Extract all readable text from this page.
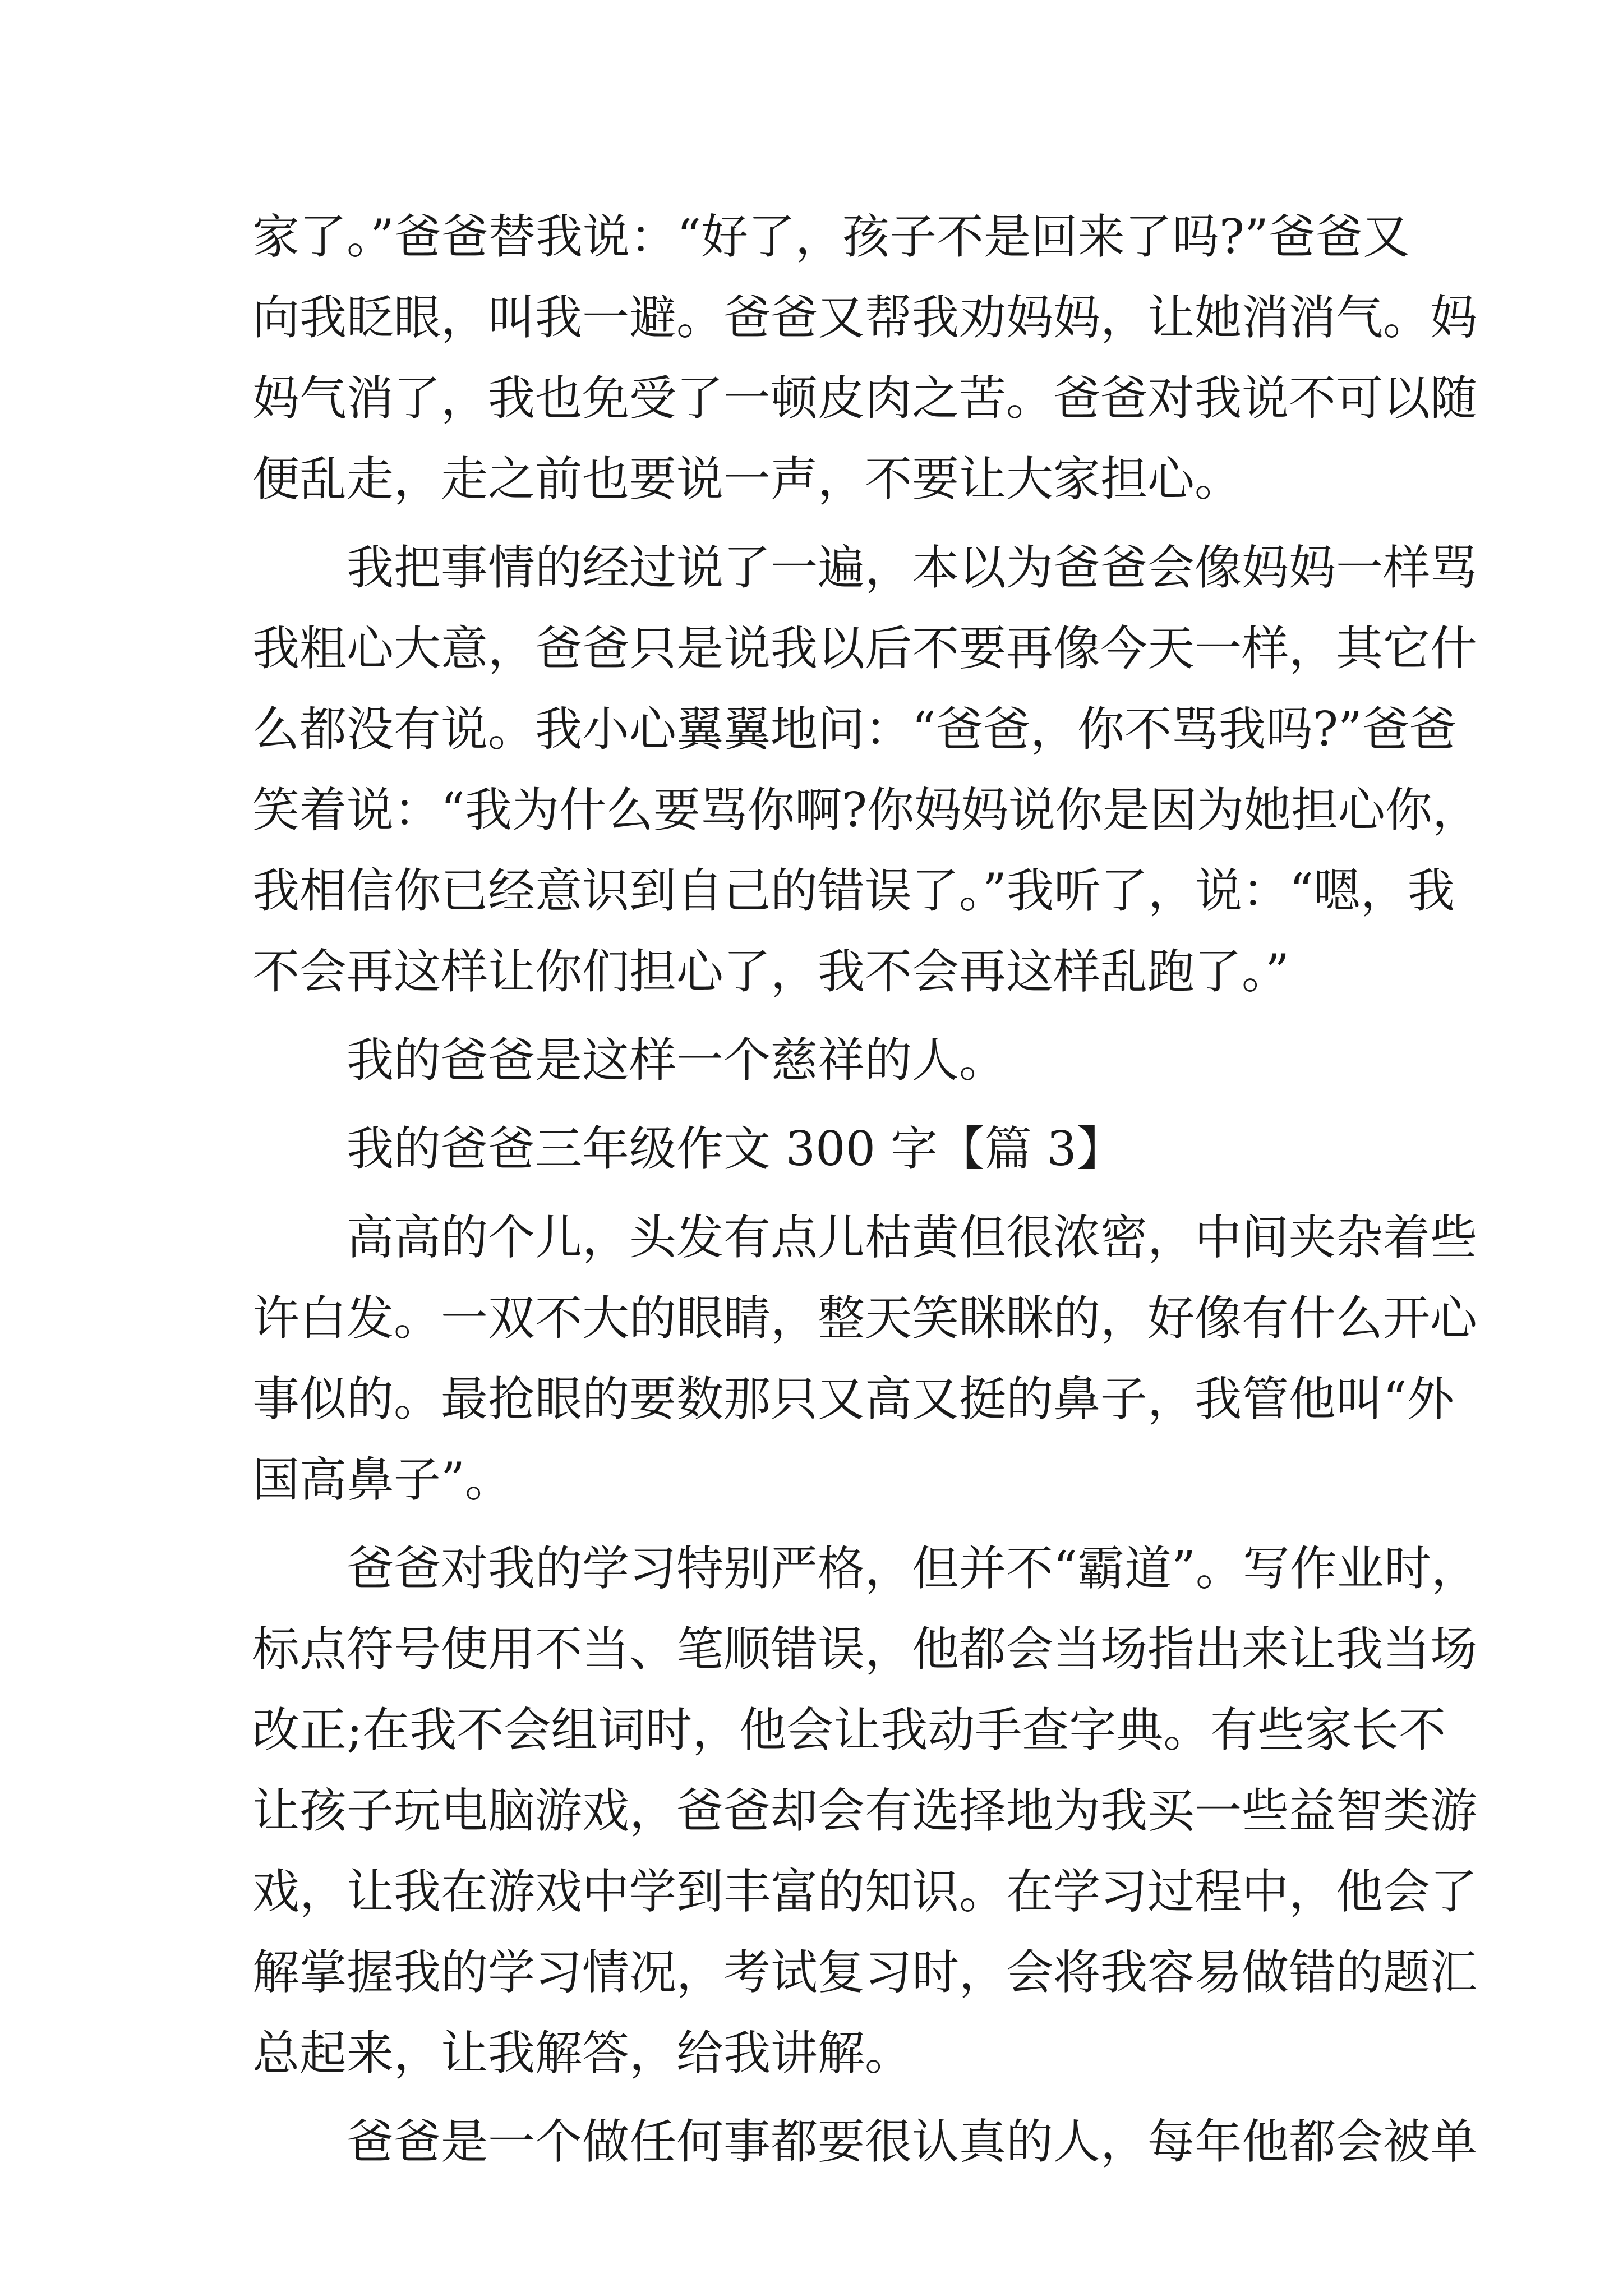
家了。”爸爸替我说：“好了，孩子不是回来了吗?”爸爸又
向我眨眼，叫我一避。爸爸又帮我劝妈妈，让她消消气。妈
妈气消了，我也免受了一顿皮肉之苦。爸爸对我说不可以随
便乱走，走之前也要说一声，不要让大家担心。
我把事情的经过说了一遍，本以为爸爸会像妈妈一样骂
我粗心大意，爸爸只是说我以后不要再像今天一样，其它什
么都没有说。我小心翼翼地问：“爸爸，你不骂我吗?”爸爸
笑着说：“我为什么要骂你啊?你妈妈说你是因为她担心你，
我相信你已经意识到自己的错误了。”我听了，说：“嗯，我
不会再这样让你们担心了，我不会再这样乱跑了。”
我的爸爸是这样一个慈祥的人。
我的爸爸三年级作文 300 字【篇 3】
高高的个儿，头发有点儿枯黄但很浓密，中间夹杂着些
许白发。一双不大的眼睛，整天笑眯眯的，好像有什么开心
事似的。最抢眼的要数那只又高又挺的鼻子，我管他叫“外
国高鼻子”。
爸爸对我的学习特别严格，但并不“霸道”。写作业时，
标点符号使用不当、笔顺错误，他都会当场指出来让我当场
改正;在我不会组词时，他会让我动手查字典。有些家长不
让孩子玩电脑游戏，爸爸却会有选择地为我买一些益智类游
戏，让我在游戏中学到丰富的知识。在学习过程中，他会了
解掌握我的学习情况，考试复习时，会将我容易做错的题汇
总起来，让我解答，给我讲解。
爸爸是一个做任何事都要很认真的人，每年他都会被单
